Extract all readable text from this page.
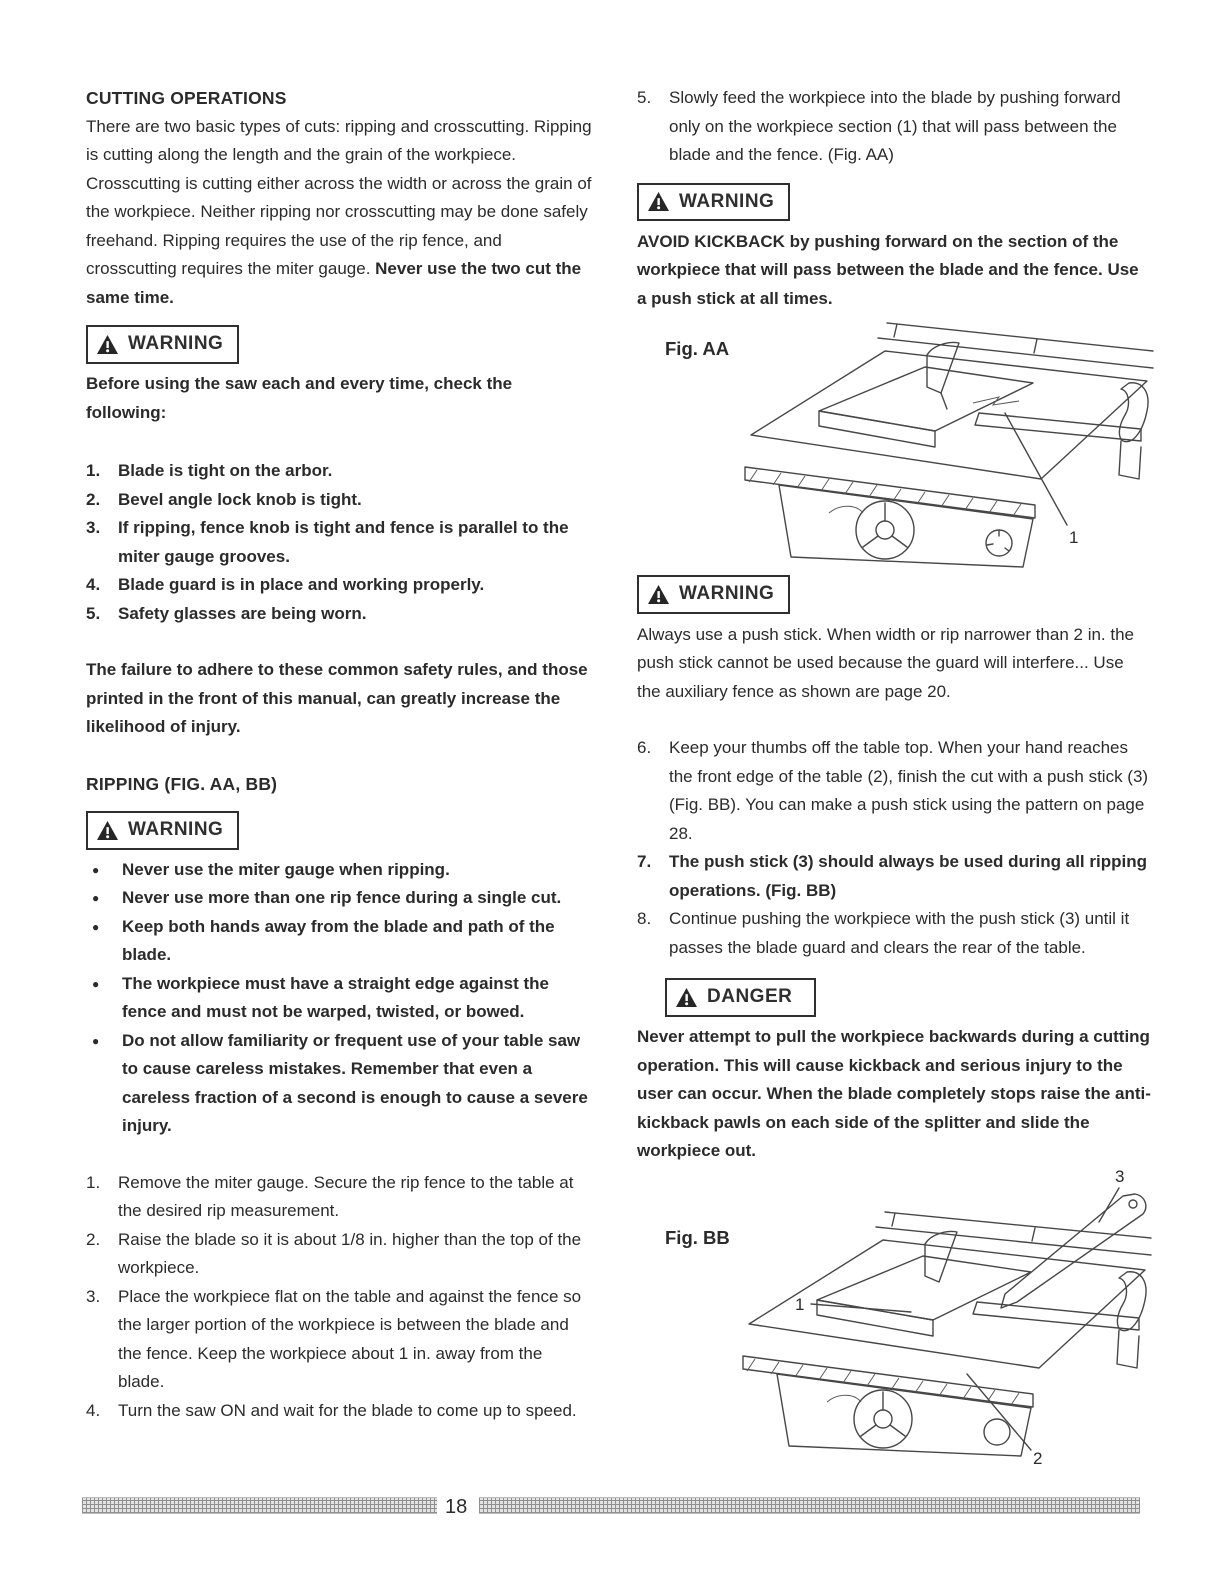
CUTTING OPERATIONS

There are two basic types of cuts: ripping and crosscutting. Ripping is cutting along the length and the grain of the workpiece. Crosscutting is cutting either across the width or across the grain of the workpiece. Neither ripping nor crosscutting may be done safely freehand. Ripping requires the use of the rip fence, and crosscutting requires the miter gauge. Never use the two cut the same time.

WARNING

Before using the saw each and every time, check the following:

1.	Blade is tight on the arbor.
2.	Bevel angle lock knob is tight.
3.	If ripping, fence knob is tight and fence is parallel to the miter gauge grooves.
4.	Blade guard is in place and working properly.
5.	Safety glasses are being worn.

The failure to adhere to these common safety rules, and those printed in the front of this manual, can greatly increase the likelihood of injury.

RIPPING (FIG. AA, BB)
WARNING
●	Never use the miter gauge when ripping.
●	Never use more than one rip fence during a single cut.
●	Keep both hands away from the blade and path of the blade.
●	The workpiece must have a straight edge against the fence and must not be warped, twisted, or bowed.
●	Do not allow familiarity or frequent use of your table saw to cause careless mistakes. Remember that even a careless fraction of a second is enough to cause a severe injury.
1.	Remove the miter gauge. Secure the rip fence to the table at the desired rip measurement.
2.	Raise the blade so it is about 1/8 in. higher than the top of the workpiece.
3.	Place the workpiece flat on the table and against the fence so the larger portion of the workpiece is between the blade and the fence. Keep the workpiece about 1 in. away from the blade.
4.	Turn the saw ON and wait for the blade to come up to speed.
5.	Slowly feed the workpiece into the blade by pushing forward only on the workpiece section (1) that will pass between the blade and the fence. (Fig. AA)
WARNING

AVOID KICKBACK by pushing forward on the section of the workpiece that will pass between the blade and the fence. Use a push stick at all times.

Fig. AA
1
WARNING

Always use a push stick. When width or rip narrower than 2 in. the push stick cannot be used because the guard will interfere... Use the auxiliary fence as shown are page 20.

6.	Keep your thumbs off the table top. When your hand reaches the front edge of the table (2), finish the cut with a push stick (3) (Fig. BB). You can make a push stick using the pattern on page 28.
7.	The push stick (3) should always be used during all ripping operations. (Fig. BB)
8.	Continue pushing the workpiece with the push stick (3) until it passes the blade guard and clears the rear of the table.
DANGER

Never attempt to pull the workpiece backwards during a cutting operation. This will cause kickback and serious injury to the user can occur. When the blade completely stops raise the anti-kickback pawls on each side of the splitter and slide the workpiece out.

Fig. BB
3
1
2
18
